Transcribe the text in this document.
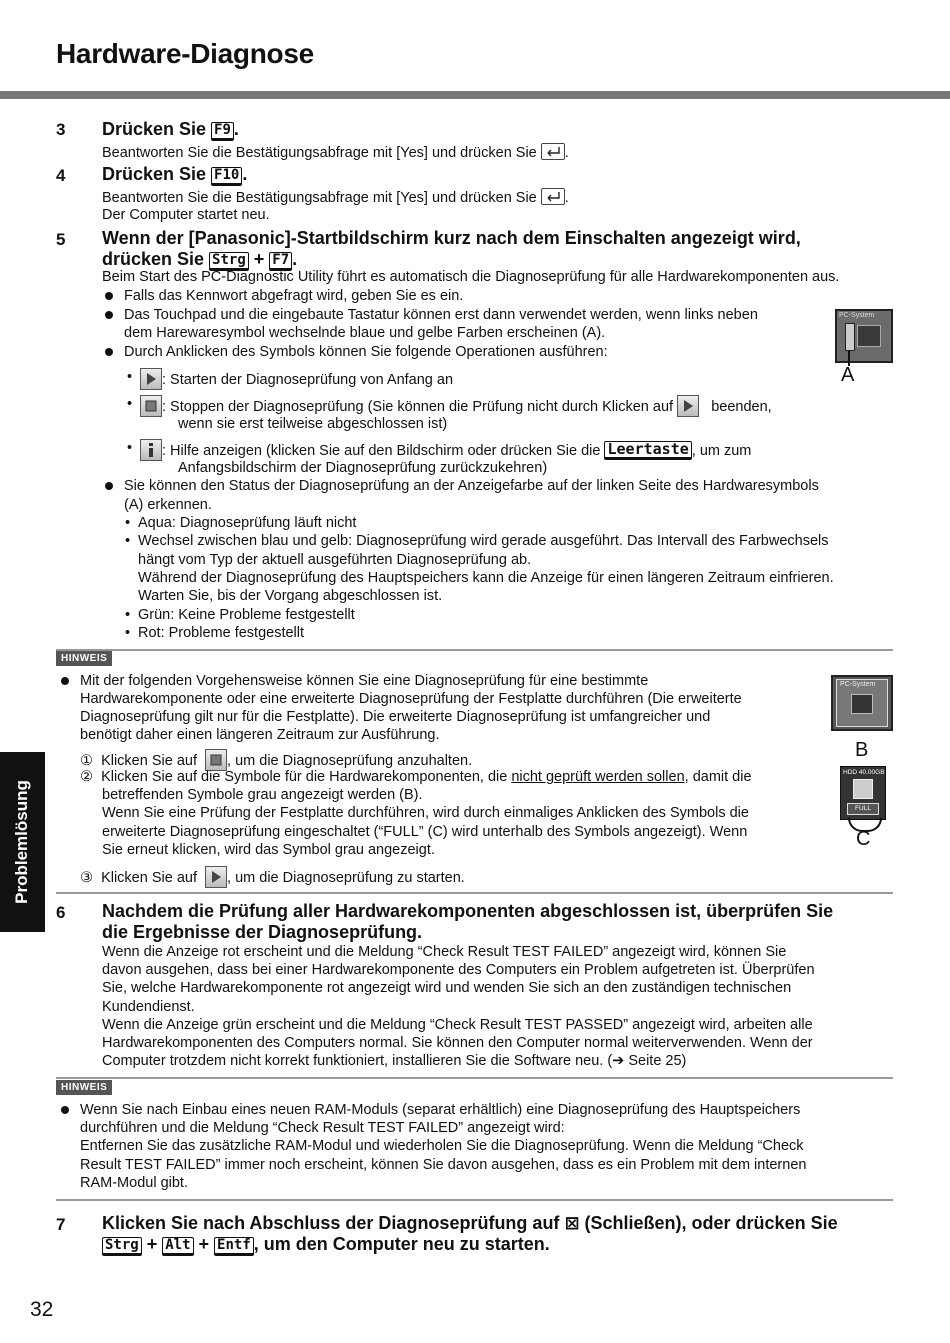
Hardware-Diagnose
Problemlösung
3 Drücken Sie F9 .
Beantworten Sie die Bestätigungsabfrage mit [Yes] und drücken Sie .
4 Drücken Sie F10 .
Beantworten Sie die Bestätigungsabfrage mit [Yes] und drücken Sie .
Der Computer startet neu.
5 Wenn der [Panasonic]-Startbildschirm kurz nach dem Einschalten angezeigt wird,
drücken Sie Strg + F7 .
Beim Start des PC-Diagnostic Utility führt es automatisch die Diagnoseprüfung für alle Hardwarekomponenten aus.
Falls das Kennwort abgefragt wird, geben Sie es ein.
Das Touchpad und die eingebaute Tastatur können erst dann verwendet werden, wenn links neben
dem Harewaresymbol wechselnde blaue und gelbe Farben erscheinen (A).
Durch Anklicken des Symbols können Sie folgende Operationen ausführen:
PC-System
A
• : Starten der Diagnoseprüfung von Anfang an
• : Stoppen der Diagnoseprüfung (Sie können die Prüfung nicht durch Klicken auf	beenden,
wenn sie erst teilweise abgeschlossen ist)
• : Hilfe anzeigen (klicken Sie auf den Bildschirm oder drücken Sie die Leertaste , um zum
Anfangsbildschirm der Diagnoseprüfung zurückzukehren)
Sie können den Status der Diagnoseprüfung an der Anzeigefarbe auf der linken Seite des Hardwaresymbols
(A) erkennen.
• Aqua: Diagnoseprüfung läuft nicht
• Wechsel zwischen blau und gelb: Diagnoseprüfung wird gerade ausgeführt. Das Intervall des Farbwechsels
hängt vom Typ der aktuell ausgeführten Diagnoseprüfung ab.
Während der Diagnoseprüfung des Hauptspeichers kann die Anzeige für einen längeren Zeitraum einfrieren.
Warten Sie, bis der Vorgang abgeschlossen ist.
• Grün: Keine Probleme festgestellt
• Rot: Probleme festgestellt
HINWEIS
Mit der folgenden Vorgehensweise können Sie eine Diagnoseprüfung für eine bestimmte
Hardwarekomponente oder eine erweiterte Diagnoseprüfung der Festplatte durchführen (Die erweiterte
Diagnoseprüfung gilt nur für die Festplatte). Die erweiterte Diagnoseprüfung ist umfangreicher und
benötigt daher einen längeren Zeitraum zur Ausführung.
① Klicken Sie auf , um die Diagnoseprüfung anzuhalten.
② Klicken Sie auf die Symbole für die Hardwarekomponenten, die nicht geprüft werden sollen, damit die
betreffenden Symbole grau angezeigt werden (B).
Wenn Sie eine Prüfung der Festplatte durchführen, wird durch einmaliges Anklicken des Symbols die
erweiterte Diagnoseprüfung eingeschaltet (“FULL” (C) wird unterhalb des Symbols angezeigt). Wenn
Sie erneut klicken, wird das Symbol grau angezeigt.
③ Klicken Sie auf , um die Diagnoseprüfung zu starten.
PC-System
B
HDD 40.00GB
FULL
C
6 Nachdem die Prüfung aller Hardwarekomponenten abgeschlossen ist, überprüfen Sie
die Ergebnisse der Diagnoseprüfung.
Wenn die Anzeige rot erscheint und die Meldung “Check Result TEST FAILED” angezeigt wird, können Sie
davon ausgehen, dass bei einer Hardwarekomponente des Computers ein Problem aufgetreten ist. Überprüfen
Sie, welche Hardwarekomponente rot angezeigt wird und wenden Sie sich an den zuständigen technischen
Kundendienst.
Wenn die Anzeige grün erscheint und die Meldung “Check Result TEST PASSED” angezeigt wird, arbeiten alle
Hardwarekomponenten des Computers normal. Sie können den Computer normal weiterverwenden. Wenn der
Computer trotzdem nicht korrekt funktioniert, installieren Sie die Software neu. (➔ Seite 25)
HINWEIS
Wenn Sie nach Einbau eines neuen RAM-Moduls (separat erhältlich) eine Diagnoseprüfung des Hauptspeichers
durchführen und die Meldung “Check Result TEST FAILED” angezeigt wird:
Entfernen Sie das zusätzliche RAM-Modul und wiederholen Sie die Diagnoseprüfung. Wenn die Meldung “Check
Result TEST FAILED” immer noch erscheint, können Sie davon ausgehen, dass es ein Problem mit dem internen
RAM-Modul gibt.
7 Klicken Sie nach Abschluss der Diagnoseprüfung auf ⊠ (Schließen), oder drücken Sie
Strg + Alt + Entf , um den Computer neu zu starten.
32
